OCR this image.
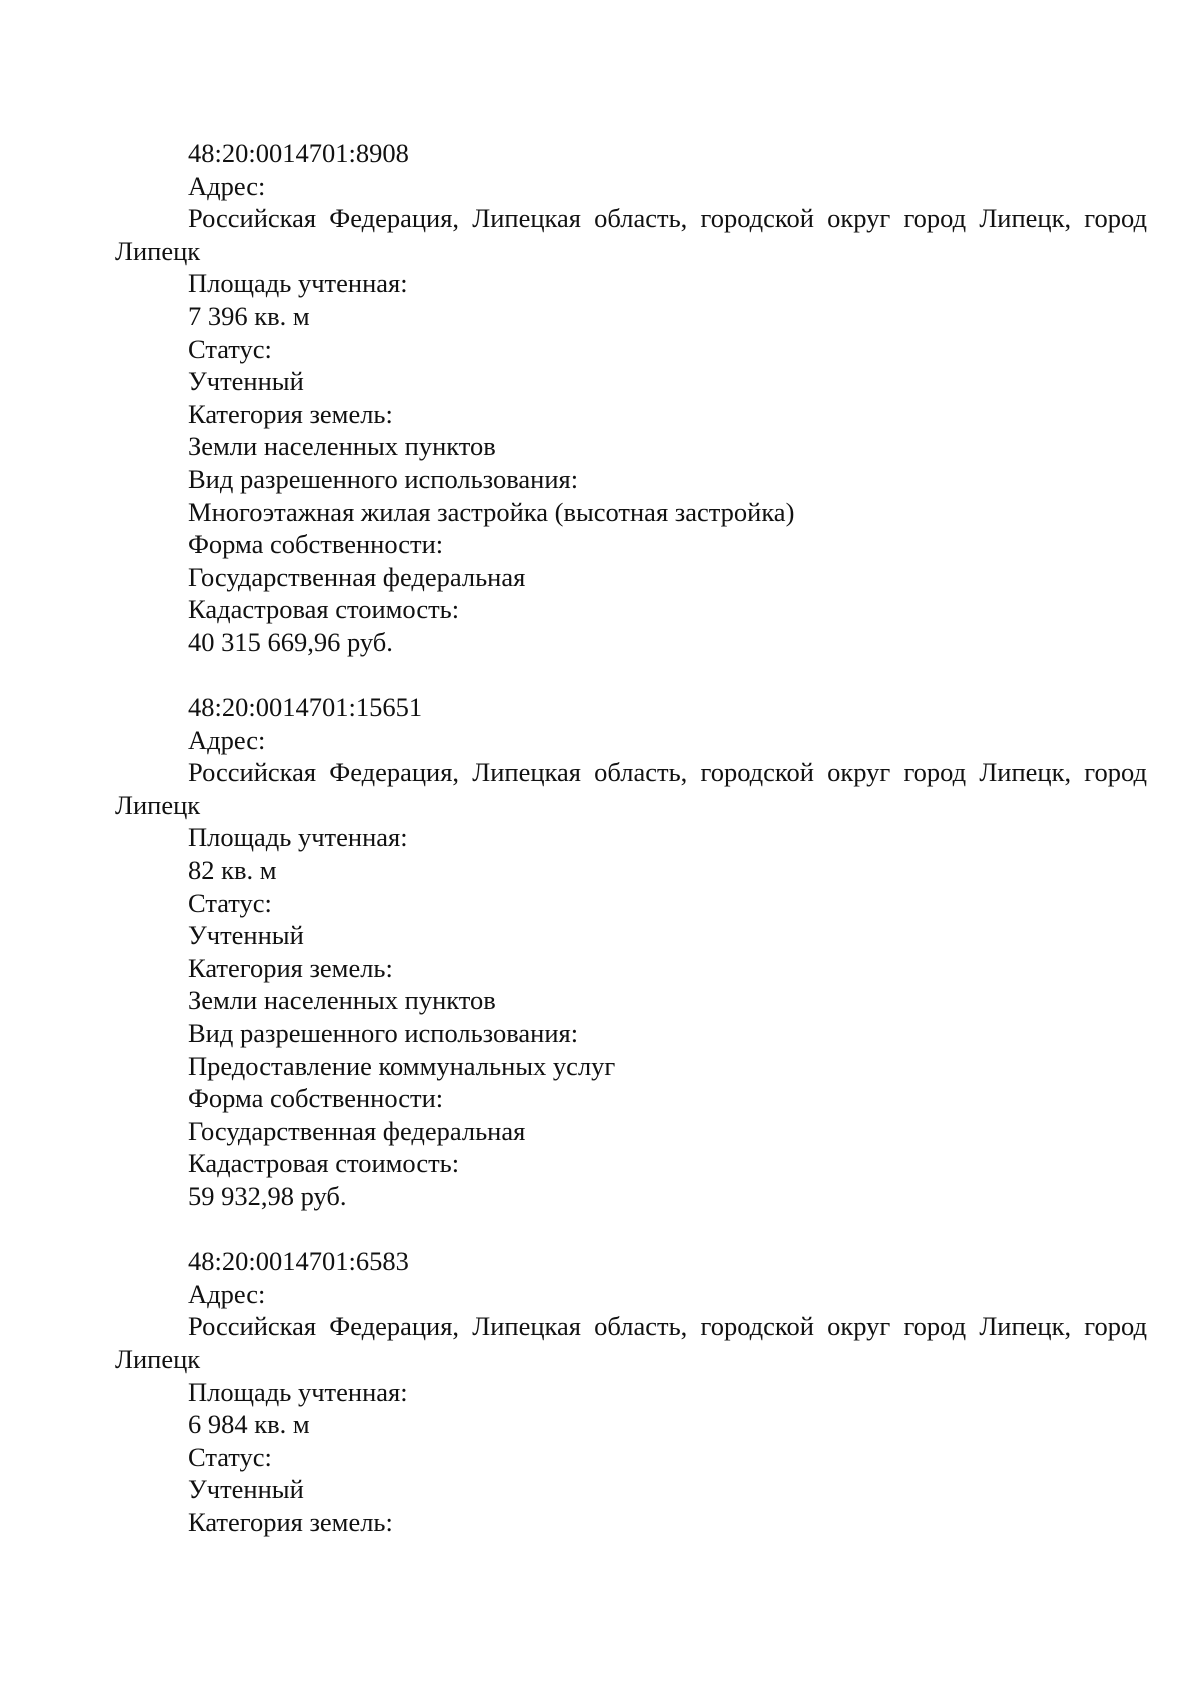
48:20:0014701:8908
Адрес:
Российская Федерация, Липецкая область, городской округ город Липецк, город Липецк
Площадь учтенная:
7 396 кв. м
Статус:
Учтенный
Категория земель:
Земли населенных пунктов
Вид разрешенного использования:
Многоэтажная жилая застройка (высотная застройка)
Форма собственности:
Государственная федеральная
Кадастровая стоимость:
40 315 669,96 руб.
48:20:0014701:15651
Адрес:
Российская Федерация, Липецкая область, городской округ город Липецк, город Липецк
Площадь учтенная:
82 кв. м
Статус:
Учтенный
Категория земель:
Земли населенных пунктов
Вид разрешенного использования:
Предоставление коммунальных услуг
Форма собственности:
Государственная федеральная
Кадастровая стоимость:
59 932,98 руб.
48:20:0014701:6583
Адрес:
Российская Федерация, Липецкая область, городской округ город Липецк, город Липецк
Площадь учтенная:
6 984 кв. м
Статус:
Учтенный
Категория земель:
